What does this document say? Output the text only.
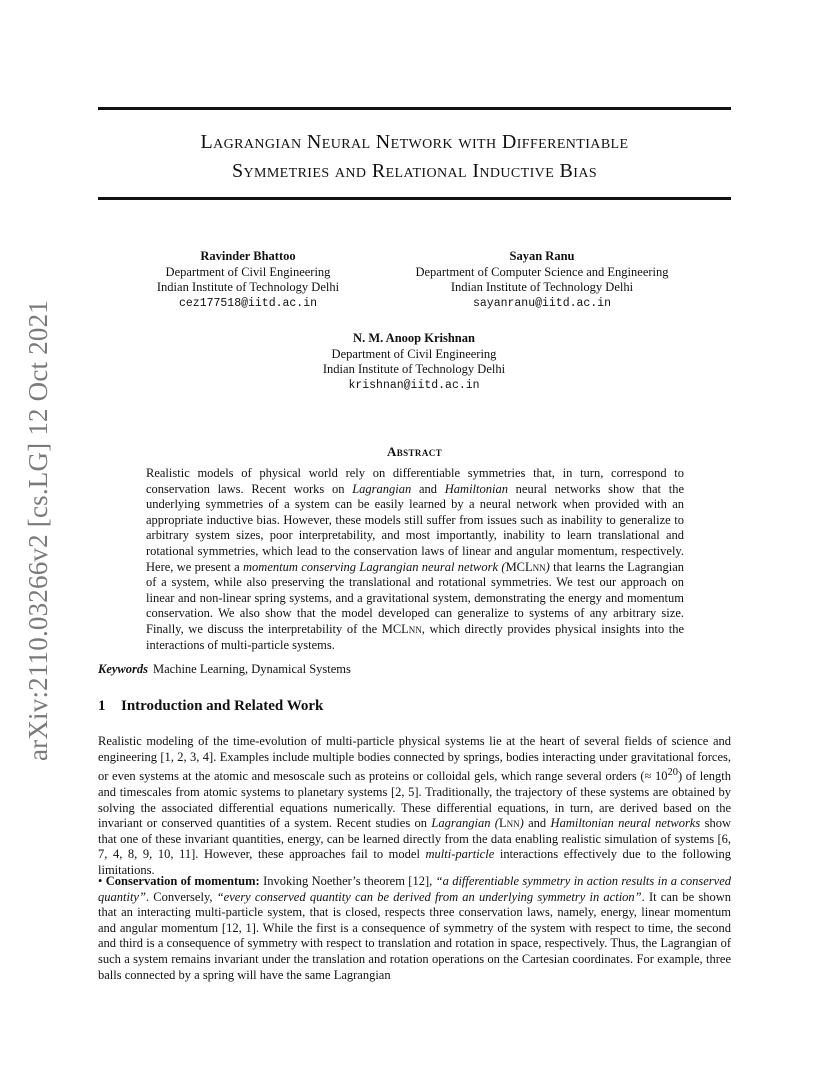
arXiv:2110.03266v2 [cs.LG] 12 Oct 2021
Lagrangian Neural Network with Differentiable
Symmetries and Relational Inductive Bias
Ravinder Bhattoo
Department of Civil Engineering
Indian Institute of Technology Delhi
cez177518@iitd.ac.in
Sayan Ranu
Department of Computer Science and Engineering
Indian Institute of Technology Delhi
sayanranu@iitd.ac.in
N. M. Anoop Krishnan
Department of Civil Engineering
Indian Institute of Technology Delhi
krishnan@iitd.ac.in
Abstract
Realistic models of physical world rely on differentiable symmetries that, in turn, correspond to conservation laws. Recent works on Lagrangian and Hamiltonian neural networks show that the underlying symmetries of a system can be easily learned by a neural network when provided with an appropriate inductive bias. However, these models still suffer from issues such as inability to generalize to arbitrary system sizes, poor interpretability, and most importantly, inability to learn translational and rotational symmetries, which lead to the conservation laws of linear and angular momentum, respectively. Here, we present a momentum conserving Lagrangian neural network (MCLnn) that learns the Lagrangian of a system, while also preserving the translational and rotational symmetries. We test our approach on linear and non-linear spring systems, and a gravitational system, demonstrating the energy and momentum conservation. We also show that the model developed can generalize to systems of any arbitrary size. Finally, we discuss the interpretability of the MCLnn, which directly provides physical insights into the interactions of multi-particle systems.
Keywords Machine Learning, Dynamical Systems
1 Introduction and Related Work
Realistic modeling of the time-evolution of multi-particle physical systems lie at the heart of several fields of science and engineering [1, 2, 3, 4]. Examples include multiple bodies connected by springs, bodies interacting under gravitational forces, or even systems at the atomic and mesoscale such as proteins or colloidal gels, which range several orders (≈ $10^{20}$) of length and timescales from atomic systems to planetary systems [2, 5]. Traditionally, the trajectory of these systems are obtained by solving the associated differential equations numerically. These differential equations, in turn, are derived based on the invariant or conserved quantities of a system. Recent studies on Lagrangian (Lnn) and Hamiltonian neural networks show that one of these invariant quantities, energy, can be learned directly from the data enabling realistic simulation of systems [6, 7, 4, 8, 9, 10, 11]. However, these approaches fail to model multi-particle interactions effectively due to the following limitations.
• Conservation of momentum: Invoking Noether’s theorem [12], “a differentiable symmetry in action results in a conserved quantity”. Conversely, “every conserved quantity can be derived from an underlying symmetry in action”. It can be shown that an interacting multi-particle system, that is closed, respects three conservation laws, namely, energy, linear momentum and angular momentum [12, 1]. While the first is a consequence of symmetry of the system with respect to time, the second and third is a consequence of symmetry with respect to translation and rotation in space, respectively. Thus, the Lagrangian of such a system remains invariant under the translation and rotation operations on the Cartesian coordinates. For example, three balls connected by a spring will have the same Lagrangian
